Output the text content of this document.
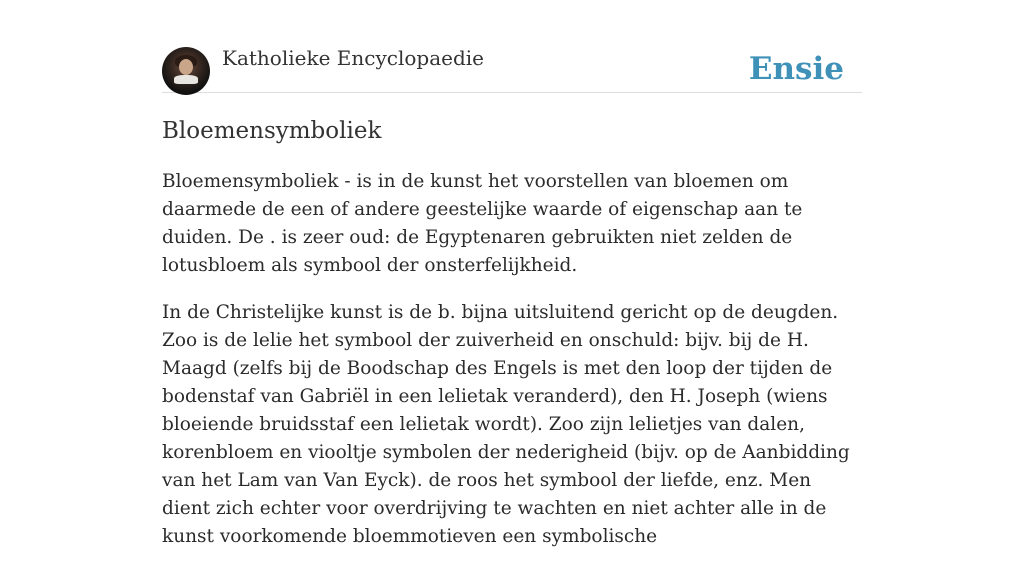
Katholieke Encyclopaedie	Ensie
Bloemensymboliek

Bloemensymboliek - is in de kunst het voorstellen van bloemen om daarmede de een of andere geestelijke waarde of eigenschap aan te duiden. De . is zeer oud: de Egyptenaren gebruikten niet zelden de lotusbloem als symbool der onsterfelijkheid.

In de Christelijke kunst is de b. bijna uitsluitend gericht op de deugden. Zoo is de lelie het symbool der zuiverheid en onschuld: bijv. bij de H. Maagd (zelfs bij de Boodschap des Engels is met den loop der tijden de bodenstaf van Gabriël in een lelietak veranderd), den H. Joseph (wiens bloeiende bruidsstaf een lelietak wordt). Zoo zijn lelietjes van dalen, korenbloem en viooltje symbolen der nederigheid (bijv. op de Aanbidding van het Lam van Van Eyck). de roos het symbool der liefde, enz. Men dient zich echter voor overdrijving te wachten en niet achter alle in de kunst voorkomende bloemmotieven een symbolische
